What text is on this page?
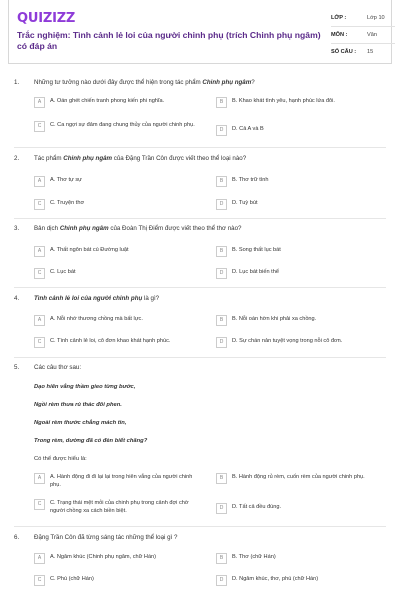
QUIZIZZ
Trắc nghiệm: Tình cảnh lẻ loi của người chinh phụ (trích Chinh phụ ngâm) có đáp án
LỚP :	Lớp 10
MÔN :	Văn
SỐ CÂU :	15
1.	Những tư tưởng nào dưới đây được thể hiện trong tác phẩm Chinh phụ ngâm?
A	A. Oán ghét chiến tranh phong kiến phi nghĩa.	B	B. Khao khát tình yêu, hạnh phúc lứa đôi.
C	C. Ca ngợi sự đảm đang chung thủy của người chinh phụ.
D	D. Cả A và B
2.	Tác phẩm Chinh phụ ngâm của Đặng Trần Côn được viết theo thể loại nào?
A	A. Thơ tự sự	B	B. Thơ trữ tình
C	C. Truyện thơ	D	D. Tuỳ bút
3.	Bản dịch Chinh phụ ngâm của Đoàn Thị Điểm được viết theo thể thơ nào?
A	A. Thất ngôn bát cú Đường luật	B	B. Song thất lục bát
C	C. Lục bát	D	D. Lục bát biến thể
4.	Tình cảnh lẻ loi của người chinh phụ là gì?
A	A. Nỗi nhớ thương chồng mà bất lực.	B	B. Nỗi oán hờn khi phải xa chồng.
C	C. Tình cảnh lẻ loi, cô đơn khao khát hạnh phúc.	D	D. Sự chán nản tuyệt vọng trong nỗi cô đơn.
5.	Các câu thơ sau:
Dạo hiên vắng thầm gieo từng bước,
Ngồi rèm thưa rủ thác đôi phen.
Ngoài rèm thước chẳng mách tin,
Trong rèm, dường đã có đèn biết chăng?
Có thể được hiểu là:
A	A. Hành động đi đi lại lại trong hiên vắng của người chinh phụ.
B	B. Hành động rủ rèm, cuốn rèm của người chinh phụ.
C	C. Trạng thái mệt mỏi của chinh phụ trong cảnh đợi chờ người chồng xa cách biền biệt.	D	D. Tất cả đều đúng.
6.	Đặng Trần Côn đã từng sáng tác những thể loại gì ?
A	A. Ngâm khúc (Chinh phụ ngâm, chữ Hán)	B	B. Thơ (chữ Hán)
C	C. Phú (chữ Hán)	D	D. Ngâm khúc, thơ, phú (chữ Hán)
